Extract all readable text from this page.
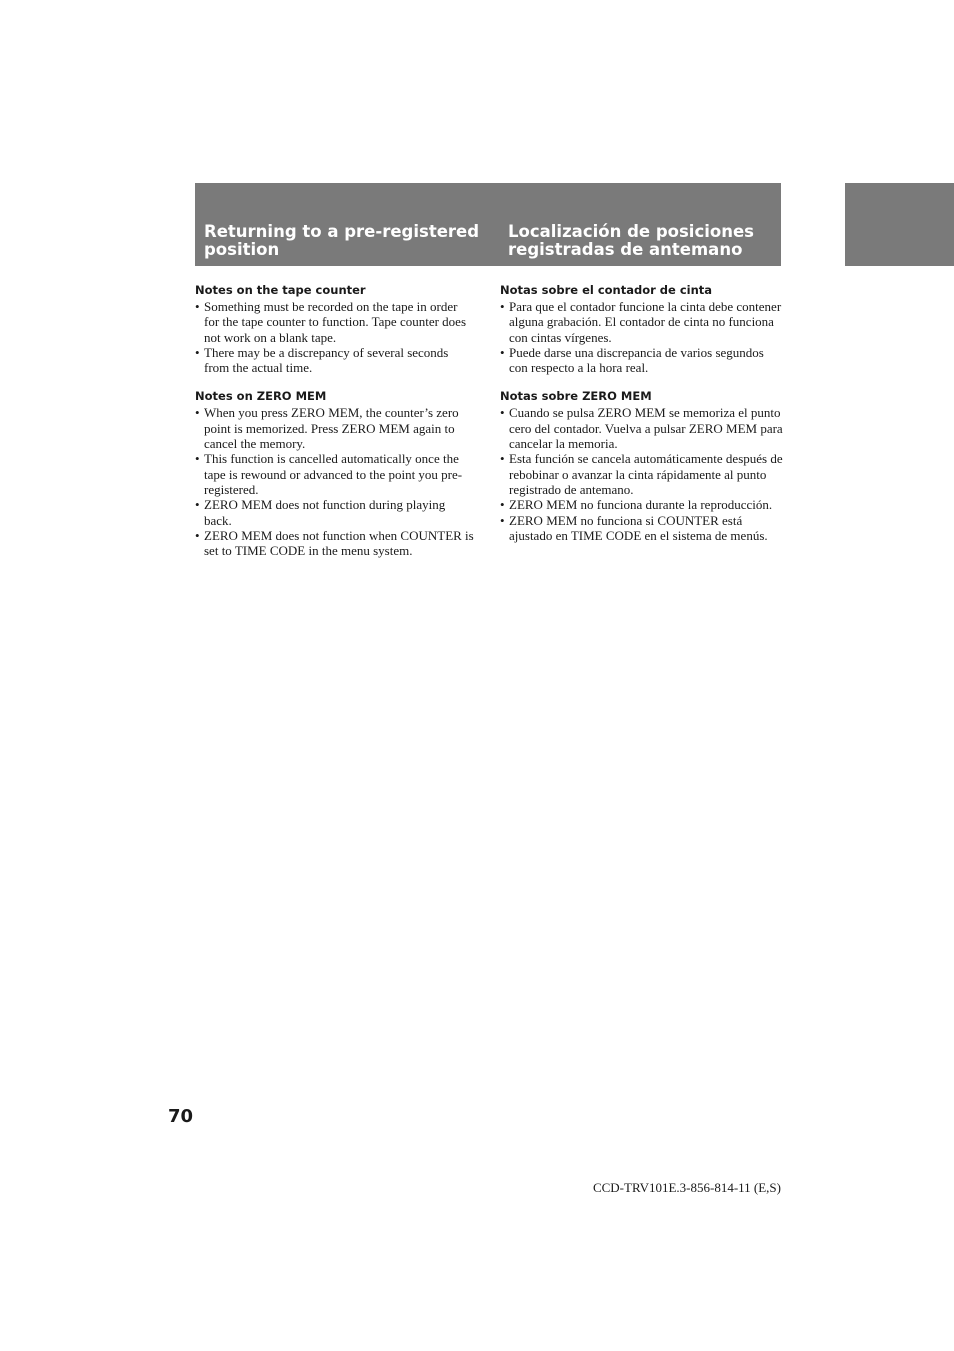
Returning to a pre-registered position
Localización de posiciones registradas de antemano
Notes on the tape counter
• Something must be recorded on the tape in order for the tape counter to function. Tape counter does not work on a blank tape.
• There may be a discrepancy of several seconds from the actual time.
Notes on ZERO MEM
• When you press ZERO MEM, the counter’s zero point is memorized. Press ZERO MEM again to cancel the memory.
• This function is cancelled automatically once the tape is rewound or advanced to the point you pre-registered.
• ZERO MEM does not function during playing back.
• ZERO MEM does not function when COUNTER is set to TIME CODE in the menu system.
Notas sobre el contador de cinta
• Para que el contador funcione la cinta debe contener alguna grabación. El contador de cinta no funciona con cintas vírgenes.
• Puede darse una discrepancia de varios segundos con respecto a la hora real.
Notas sobre ZERO MEM
• Cuando se pulsa ZERO MEM se memoriza el punto cero del contador. Vuelva a pulsar ZERO MEM para cancelar la memoria.
• Esta función se cancela automáticamente después de rebobinar o avanzar la cinta rápidamente al punto registrado de antemano.
• ZERO MEM no funciona durante la reproducción.
• ZERO MEM no funciona si COUNTER está ajustado en TIME CODE en el sistema de menús.
70
CCD-TRV101E.3-856-814-11 (E,S)
